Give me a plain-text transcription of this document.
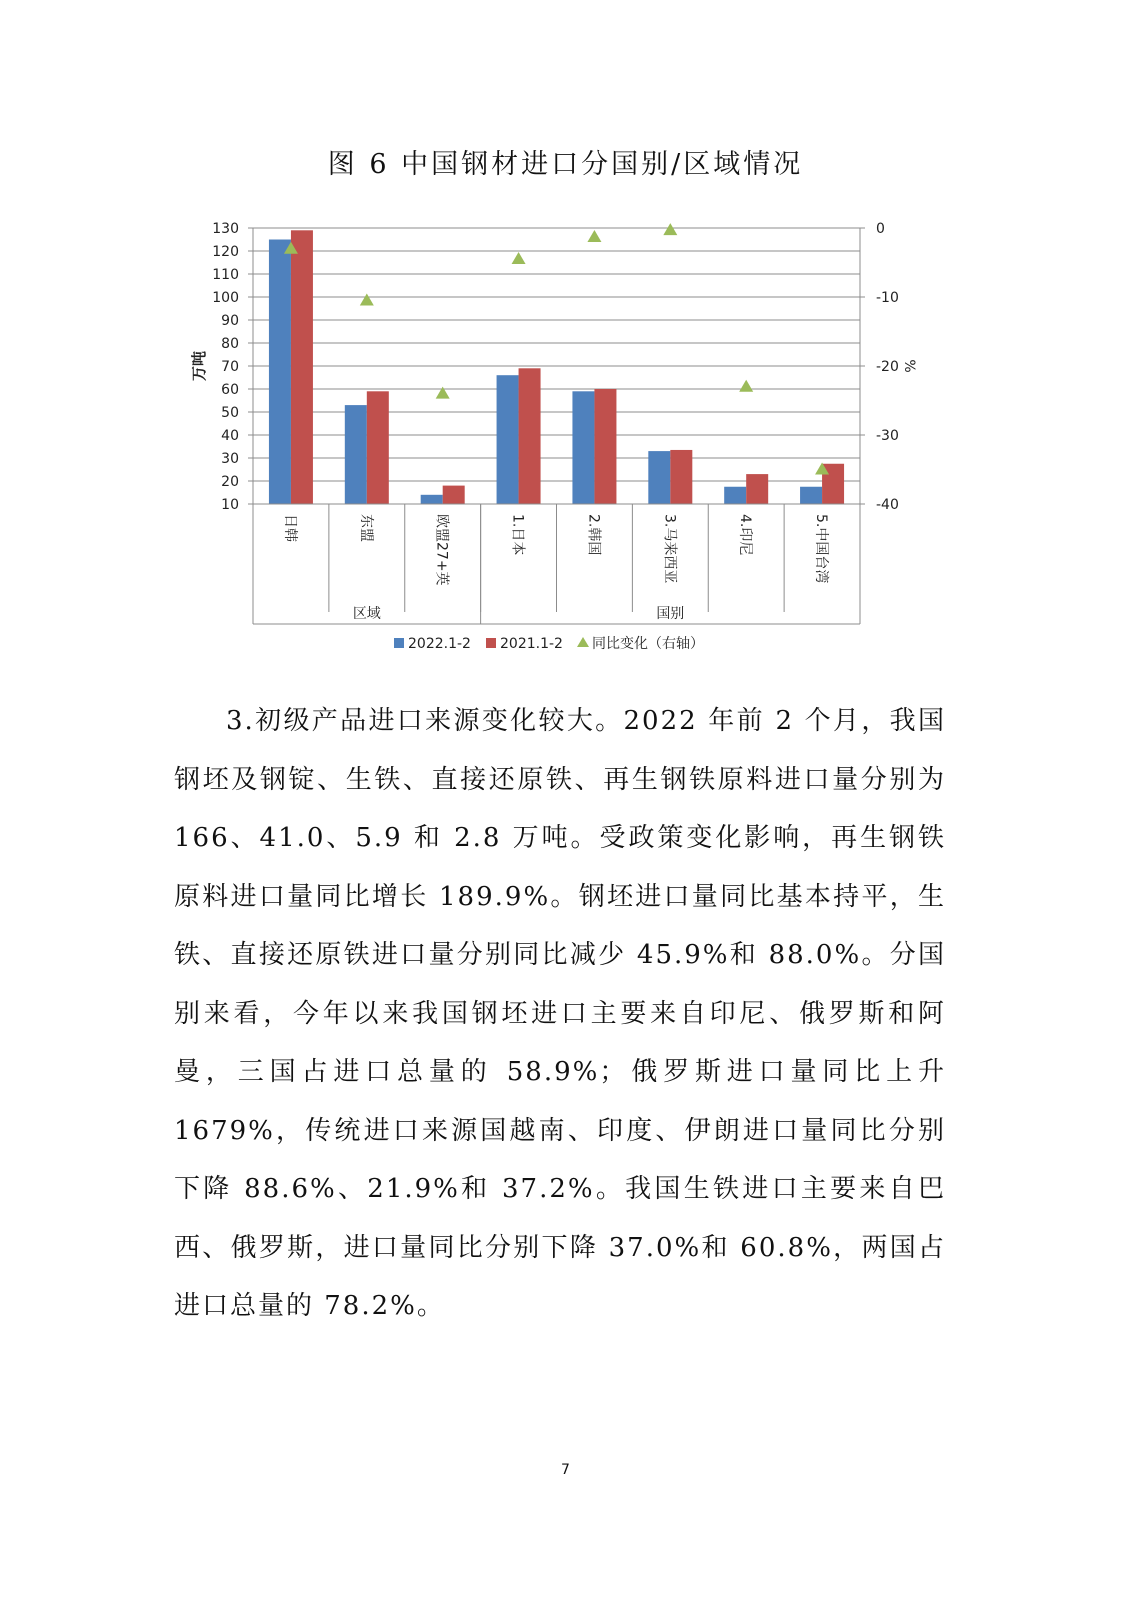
图 6 中国钢材进口分国别/区域情况
10
20
30
40
50
60
70
80
90
100
110
120
130
-40
-30
-20
-10
0
万吨	%
日韩	东盟	欧盟27+英	1.日本	2.韩国	3.马来西亚	4.印尼	5.中国台湾
区域	国别
2022.1-2 2021.1-2 同比变化（右轴）

3.初级产品进口来源变化较大。2022 年前 2 个月，我国钢坯及钢锭、生铁、直接还原铁、再生钢铁原料进口量分别为 166、41.0、5.9 和 2.8 万吨。受政策变化影响，再生钢铁原料进口量同比增长 189.9%。钢坯进口量同比基本持平，生铁、直接还原铁进口量分别同比减少 45.9%和 88.0%。分国别来看，今年以来我国钢坯进口主要来自印尼、俄罗斯和阿曼，三国占进口总量的 58.9%；俄罗斯进口量同比上升 1679%，传统进口来源国越南、印度、伊朗进口量同比分别下降 88.6%、21.9%和 37.2%。我国生铁进口主要来自巴西、俄罗斯，进口量同比分别下降 37.0%和 60.8%，两国占进口总量的 78.2%。

7
